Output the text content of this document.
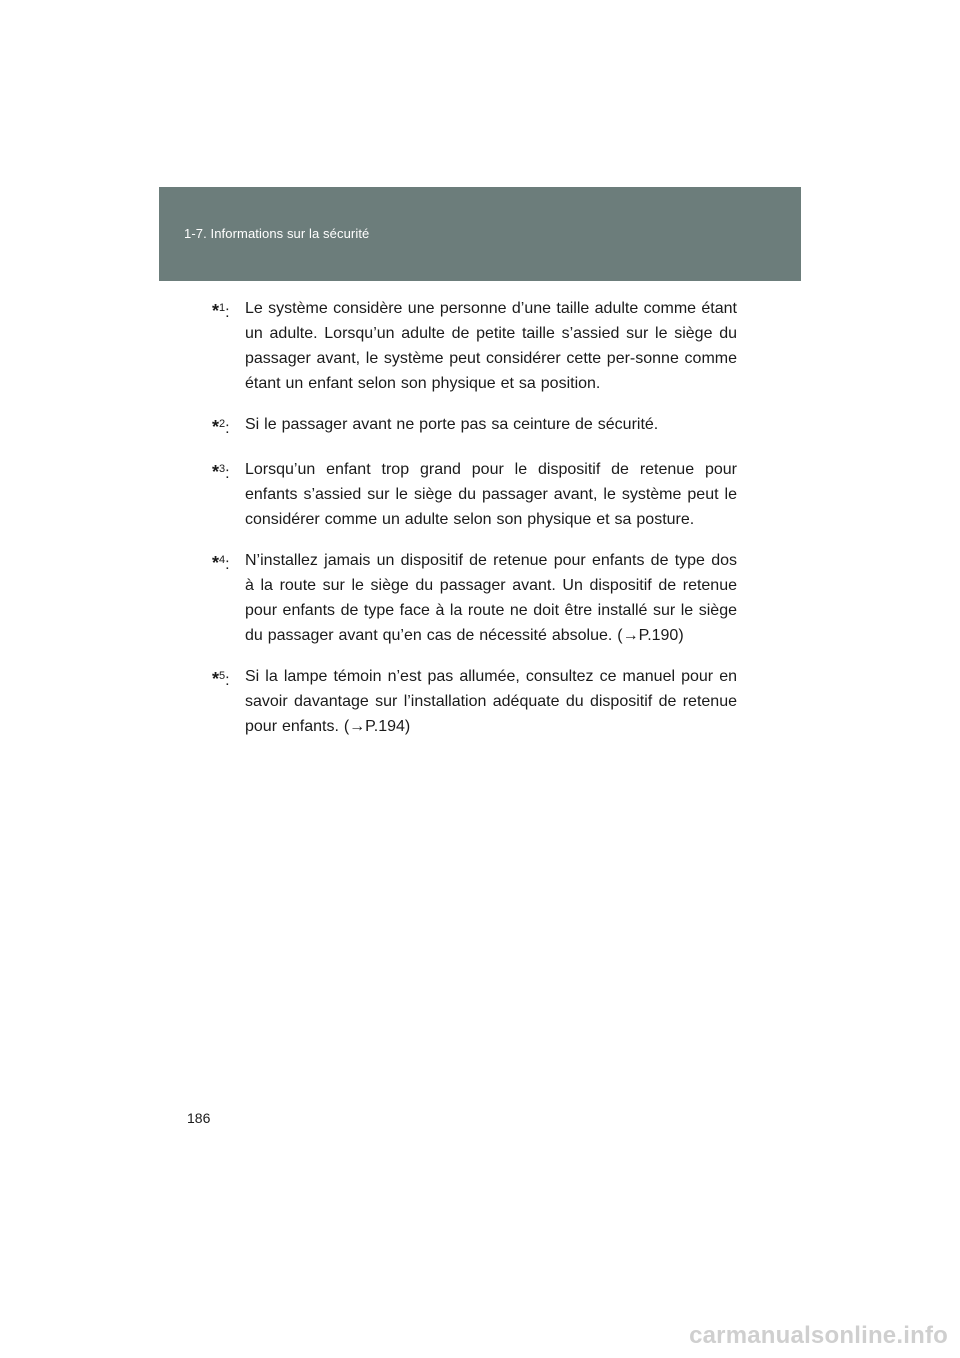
1-7. Informations sur la sécurité
*$^1$: Le système considère une personne d’une taille adulte comme étant un adulte. Lorsqu’un adulte de petite taille s’assied sur le siège du passager avant, le système peut considérer cette per-sonne comme étant un enfant selon son physique et sa position.
*$^2$: Si le passager avant ne porte pas sa ceinture de sécurité.
*$^3$: Lorsqu’un enfant trop grand pour le dispositif de retenue pour enfants s’assied sur le siège du passager avant, le système peut le considérer comme un adulte selon son physique et sa posture.
*$^4$: N’installez jamais un dispositif de retenue pour enfants de type dos à la route sur le siège du passager avant. Un dispositif de retenue pour enfants de type face à la route ne doit être installé sur le siège du passager avant qu’en cas de nécessité absolue. (→P.190)
*$^5$: Si la lampe témoin n’est pas allumée, consultez ce manuel pour en savoir davantage sur l’installation adéquate du dispositif de retenue pour enfants. (→P.194)
186
carmanualsonline.info
